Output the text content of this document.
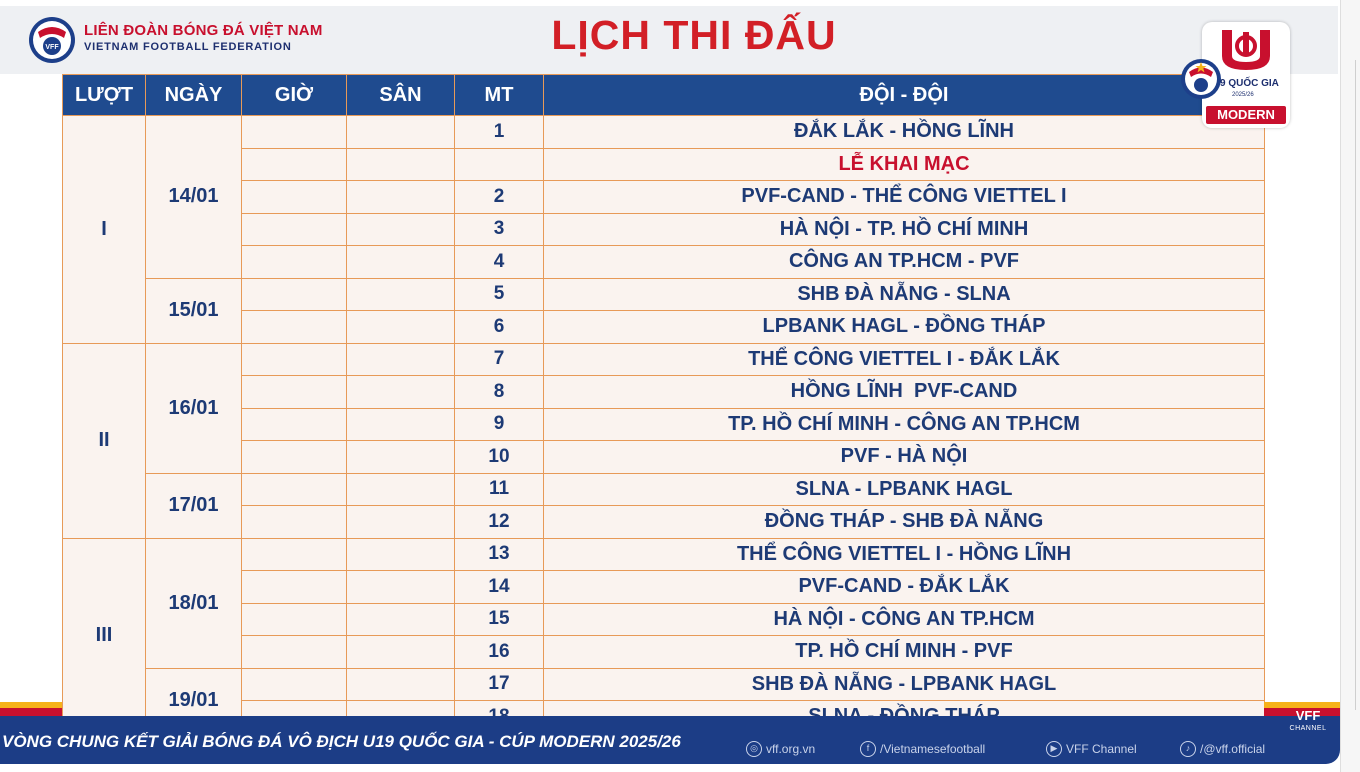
VFF
LIÊN ĐOÀN BÓNG ĐÁ VIỆT NAM
VIETNAM FOOTBALL FEDERATION	LỊCH THI ĐẤU
LƯỢT	NGÀY	GIỜ	SÂN	MT	ĐỘI - ĐỘI
I	14/01			1	ĐẮK LẮK - HỒNG LĨNH
					LỄ KHAI MẠC
				2	PVF-CAND - THỂ CÔNG VIETTEL I
				3	HÀ NỘI - TP. HỒ CHÍ MINH
				4	CÔNG AN TP.HCM - PVF
	15/01			5	SHB ĐÀ NẴNG - SLNA
				6	LPBANK HAGL - ĐỒNG THÁP
II	16/01			7	THỂ CÔNG VIETTEL I - ĐẮK LẮK
				8	HỒNG LĨNH  PVF-CAND
				9	TP. HỒ CHÍ MINH - CÔNG AN TP.HCM
				10	PVF - HÀ NỘI
	17/01			11	SLNA - LPBANK HAGL
				12	ĐỒNG THÁP - SHB ĐÀ NẴNG
III	18/01			13	THỂ CÔNG VIETTEL I - HỒNG LĨNH
				14	PVF-CAND - ĐẮK LẮK
				15	HÀ NỘI - CÔNG AN TP.HCM
				16	TP. HỒ CHÍ MINH - PVF
	19/01			17	SHB ĐÀ NẴNG - LPBANK HAGL

◎ vff.org.vn	f /Vietnamesefootball	▶ VFF Channel	♪ /@vff.official
VÒNG CHUNG KẾT GIẢI BÓNG ĐÁ VÔ ĐỊCH U19 QUỐC GIA - CÚP MODERN 2025/26
VFF
CHANNEL
9 QUỐC GIA
2025/26
MODERN
